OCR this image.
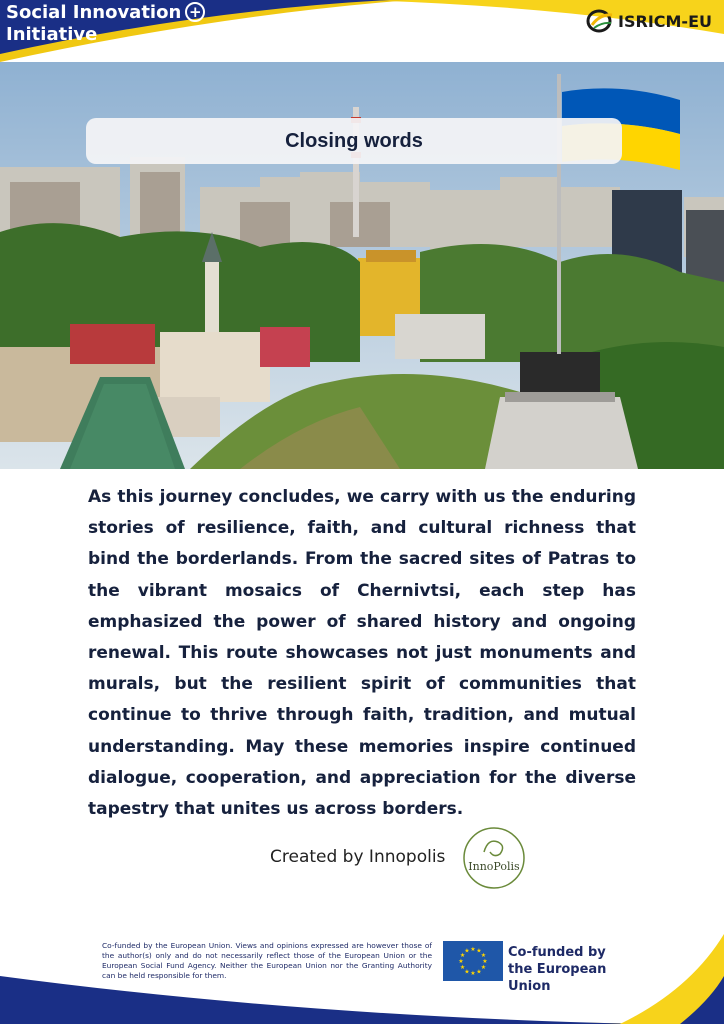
Social Innovation +
Initiative
ISRICM-EU
Closing words

As this journey concludes, we carry with us the enduring stories of resilience, faith, and cultural richness that bind the borderlands. From the sacred sites of Patras to the vibrant mosaics of Chernivtsi, each step has emphasized the power of shared history and ongoing renewal. This route showcases not just monuments and murals, but the resilient spirit of communities that continue to thrive through faith, tradition, and mutual understanding. May these memories inspire continued dialogue, cooperation, and appreciation for the diverse tapestry that unites us across borders.

Created by Innopolis InnoPolis

Co-funded by the European Union. Views and opinions expressed are however those of the author(s) only and do not necessarily reflect those of the European Union or the European Social Fund Agency. Neither the European Union nor the Granting Authority can be held responsible for them.

★ ★
★
★
★
★
★
★
★
★
★
★	Co-funded by
the European Union
